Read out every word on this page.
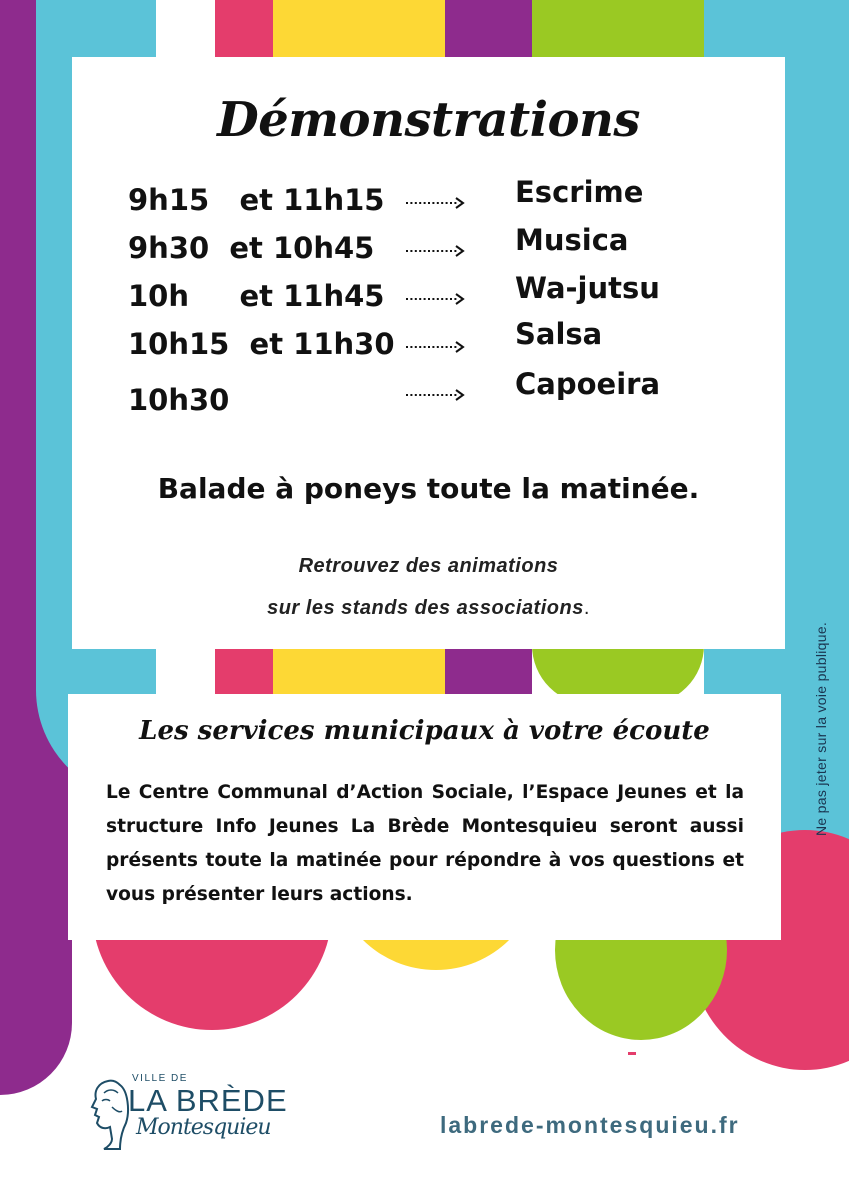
Démonstrations
9h15   et 11h15	Escrime
9h30  et 10h45	Musica
10h     et 11h45	Wa-jutsu
10h15  et 11h30	Salsa
10h30	Capoeira
Balade à poneys toute la matinée.
Retrouvez des animations
sur les stands des associations.
Les services municipaux à votre écoute
Le Centre Communal d’Action Sociale, l’Espace Jeunes et la structure Info Jeunes La Brède Montesquieu seront aussi présents toute la matinée pour répondre à vos questions et vous présenter leurs actions.
Ne pas jeter sur la voie publique.
VILLE DE
LA BRÈDE
Montesquieu	labrede-montesquieu.fr
